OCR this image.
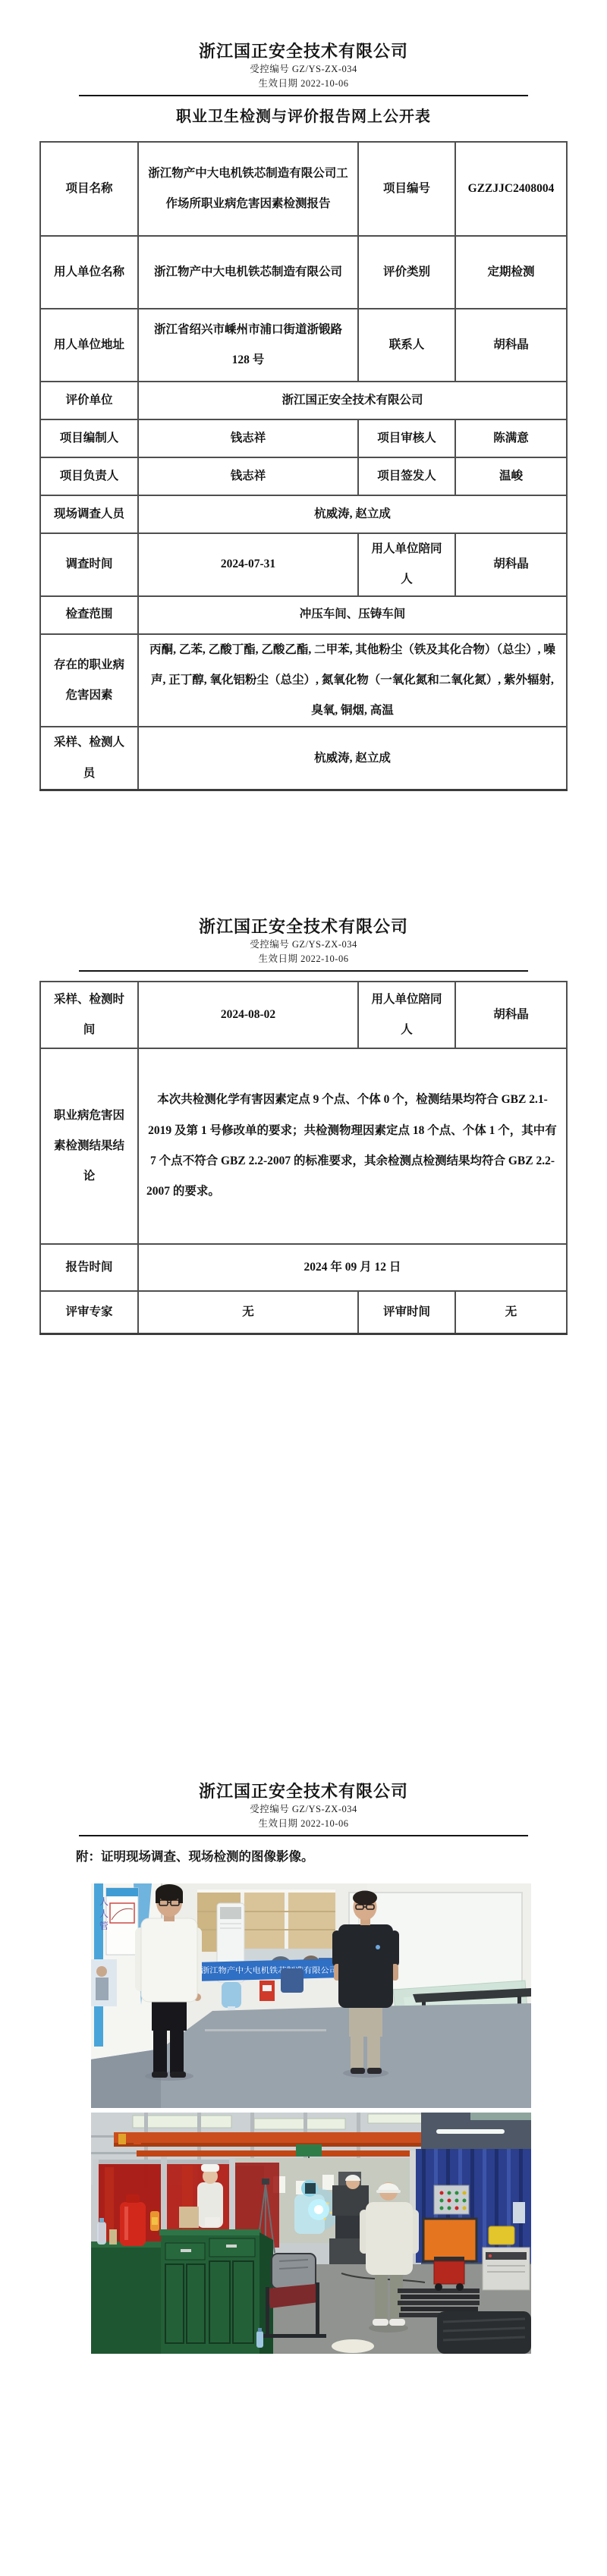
浙江国正安全技术有限公司
受控编号 GZ/YS-ZX-034
生效日期 2022-10-06
职业卫生检测与评价报告网上公开表
项目名称	浙江物产中大电机铁芯制造有限公司工作场所职业病危害因素检测报告	项目编号	GZZJJC2408004
用人单位名称	浙江物产中大电机铁芯制造有限公司	评价类别	定期检测
用人单位地址	浙江省绍兴市嵊州市浦口街道浙锻路 128 号	联系人	胡科晶
评价单位	浙江国正安全技术有限公司		
项目编制人	钱志祥	项目审核人	陈满意
项目负责人	钱志祥	项目签发人	温峻
现场调查人员	杭威涛, 赵立成		
调查时间	2024-07-31	用人单位陪同人	胡科晶
检查范围	冲压车间、压铸车间		
存在的职业病危害因素	丙酮, 乙苯, 乙酸丁酯, 乙酸乙酯, 二甲苯, 其他粉尘（铁及其化合物）（总尘）, 噪声, 正丁醇, 氧化铝粉尘（总尘）, 氮氧化物（一氧化氮和二氧化氮）, 紫外辐射, 臭氧, 铜烟, 高温		
采样、检测人员	杭威涛, 赵立成		
浙江国正安全技术有限公司
受控编号 GZ/YS-ZX-034
生效日期 2022-10-06
采样、检测时间	2024-08-02	用人单位陪同人	胡科晶
职业病危害因素检测结果结论	本次共检测化学有害因素定点 9 个点、个体 0 个，检测结果均符合 GBZ 2.1-2019 及第 1 号修改单的要求；共检测物理因素定点 18 个点、个体 1 个，其中有 7 个点不符合 GBZ 2.2-2007 的标准要求，其余检测点检测结果均符合 GBZ 2.2-2007 的要求。		
报告时间	2024 年 09 月 12 日		
评审专家	无	评审时间	无
浙江国正安全技术有限公司
受控编号 GZ/YS-ZX-034
生效日期 2022-10-06
附：证明现场调查、现场检测的图像影像。
人
人
管
浙江物产中大电机铁芯制造有限公司
